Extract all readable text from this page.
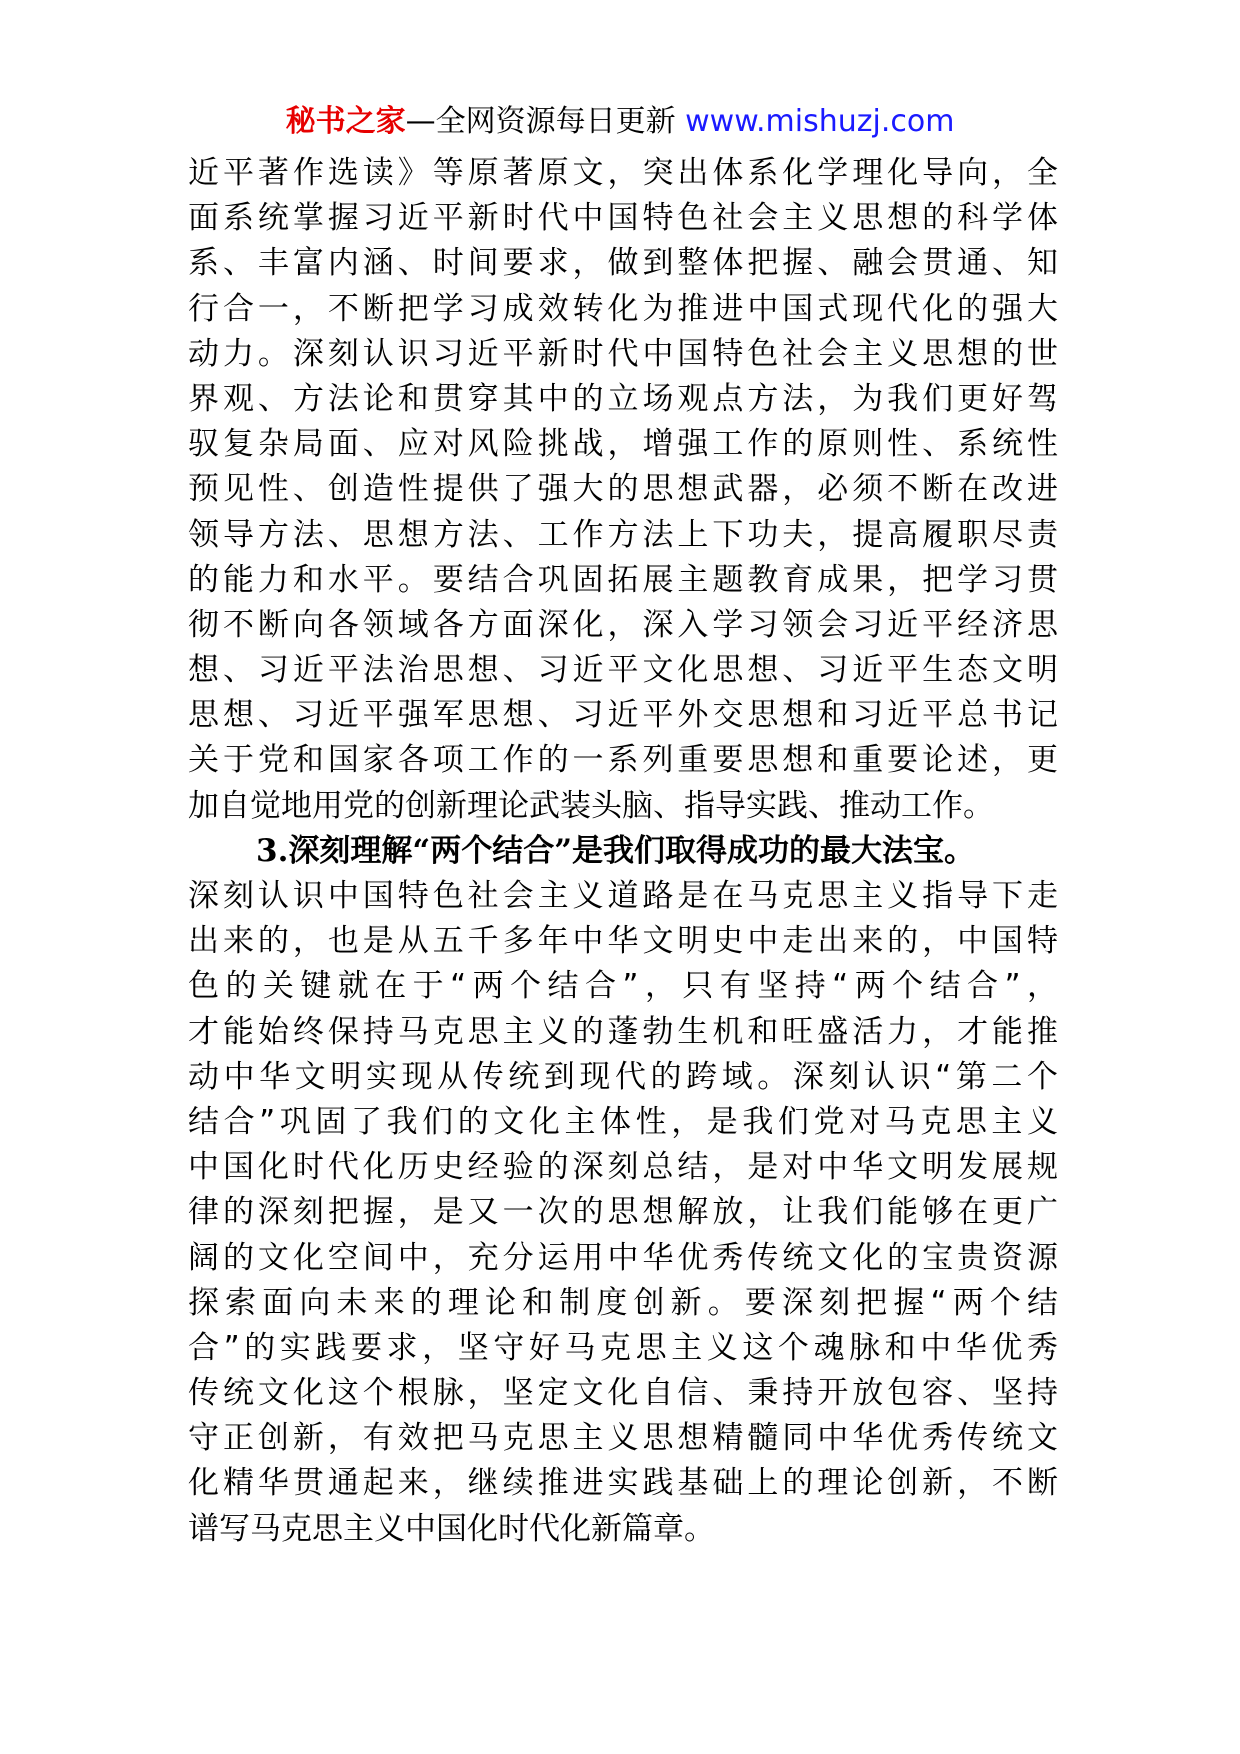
秘书之家—全网资源每日更新 www.mishuzj.com
近平著作选读》等原著原文，突出体系化学理化导向，全
面系统掌握习近平新时代中国特色社会主义思想的科学体
系、丰富内涵、时间要求，做到整体把握、融会贯通、知
行合一，不断把学习成效转化为推进中国式现代化的强大
动力。深刻认识习近平新时代中国特色社会主义思想的世
界观、方法论和贯穿其中的立场观点方法，为我们更好驾
驭复杂局面、应对风险挑战，增强工作的原则性、系统性
预见性、创造性提供了强大的思想武器，必须不断在改进
领导方法、思想方法、工作方法上下功夫，提高履职尽责
的能力和水平。要结合巩固拓展主题教育成果，把学习贯
彻不断向各领域各方面深化，深入学习领会习近平经济思
想、习近平法治思想、习近平文化思想、习近平生态文明
思想、习近平强军思想、习近平外交思想和习近平总书记
关于党和国家各项工作的一系列重要思想和重要论述，更
加自觉地用党的创新理论武装头脑、指导实践、推动工作。
3.深刻理解“两个结合”是我们取得成功的最大法宝。
深刻认识中国特色社会主义道路是在马克思主义指导下走
出来的，也是从五千多年中华文明史中走出来的，中国特
色的关键就在于“两个结合”，只有坚持“两个结合”，
才能始终保持马克思主义的蓬勃生机和旺盛活力，才能推
动中华文明实现从传统到现代的跨域。深刻认识“第二个
结合”巩固了我们的文化主体性，是我们党对马克思主义
中国化时代化历史经验的深刻总结，是对中华文明发展规
律的深刻把握，是又一次的思想解放，让我们能够在更广
阔的文化空间中，充分运用中华优秀传统文化的宝贵资源
探索面向未来的理论和制度创新。要深刻把握“两个结
合”的实践要求，坚守好马克思主义这个魂脉和中华优秀
传统文化这个根脉，坚定文化自信、秉持开放包容、坚持
守正创新，有效把马克思主义思想精髓同中华优秀传统文
化精华贯通起来，继续推进实践基础上的理论创新，不断
谱写马克思主义中国化时代化新篇章。
